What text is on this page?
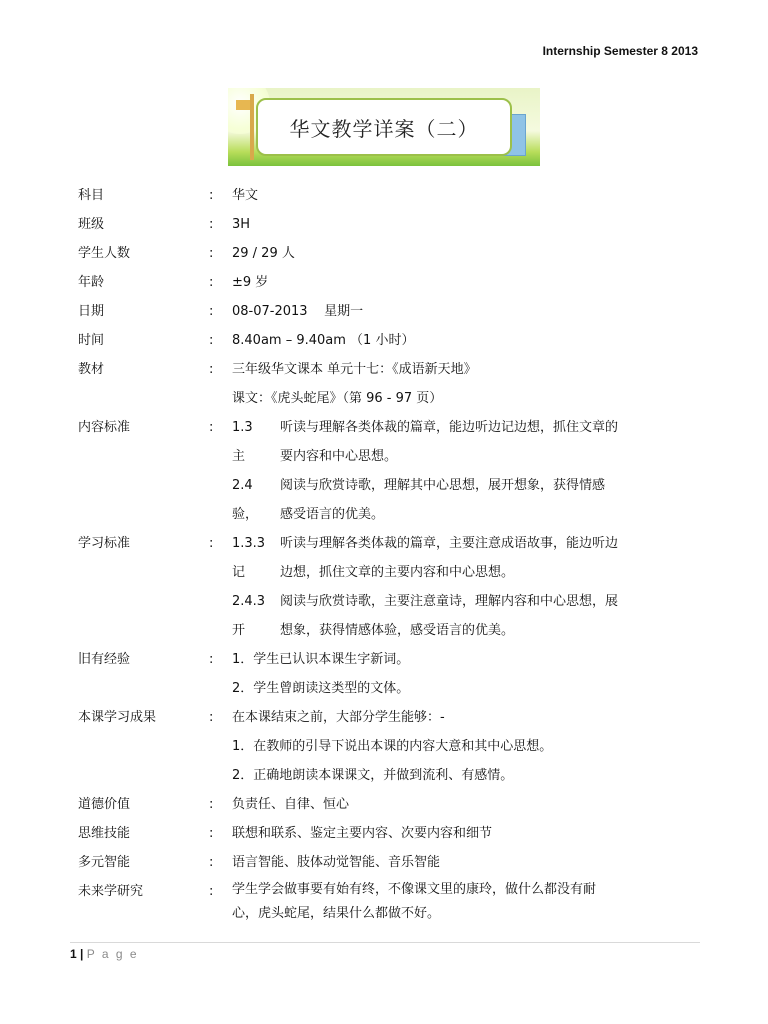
Internship Semester 8 2013
华文教学详案（二）
科目	:	华文
班级	:	3H
学生人数	:	29 / 29 人
年龄	:	±9 岁
日期	:	08-07-2013    星期一
时间	:	8.40am – 9.40am （1 小时）
教材	:	三年级华文课本 单元十七：《成语新天地》
课文：《虎头蛇尾》（第 96 - 97 页）
内容标准	:	1.3	听读与理解各类体裁的篇章，能边听边记边想，抓住文章的
主	要内容和中心思想。
2.4	阅读与欣赏诗歌，理解其中心思想，展开想象，获得情感
验，	感受语言的优美。
学习标准	:	1.3.3	听读与理解各类体裁的篇章，主要注意成语故事，能边听边
记	边想，抓住文章的主要内容和中心思想。
2.4.3	阅读与欣赏诗歌，主要注意童诗，理解内容和中心思想，展
开	想象，获得情感体验，感受语言的优美。
旧有经验	:	1．学生已认识本课生字新词。
2．学生曾朗读这类型的文体。
本课学习成果	:	在本课结束之前，大部分学生能够：-
1．在教师的引导下说出本课的内容大意和其中心思想。
2．正确地朗读本课课文，并做到流利、有感情。
道德价值	:	负责任、自律、恒心
思维技能	:	联想和联系、鉴定主要内容、次要内容和细节
多元智能	:	语言智能、肢体动觉智能、音乐智能
未来学研究	:	学生学会做事要有始有终，不像课文里的康玲，做什么都没有耐
心，虎头蛇尾，结果什么都做不好。
1 | P a g e
